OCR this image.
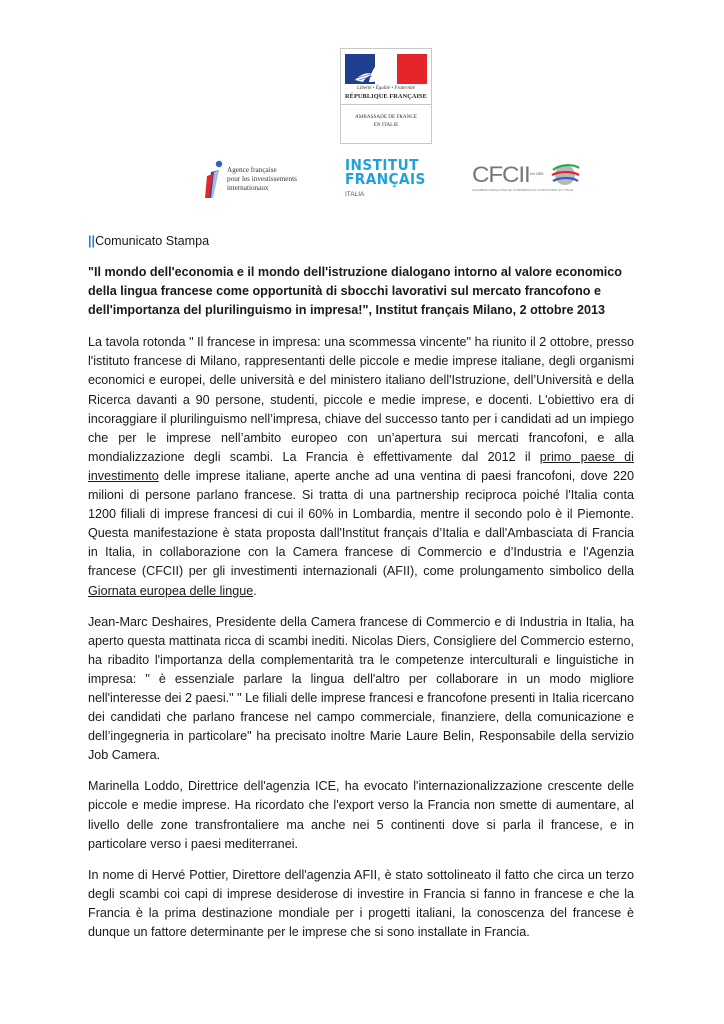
Liberté • Égalité • Fraternité
RÉPUBLIQUE FRANÇAISE
AMBASSADE DE FRANCE
EN ITALIE
Agence française
pour les investissements
internationaux
INSTITUT
FRANÇAIS
ITALIA
CFCII est 1885
CHAMBRE FRANÇAISE DE COMMERCE ET D'INDUSTRIE EN ITALIE
||Comunicato Stampa
"Il mondo dell'economia e il mondo dell'istruzione dialogano intorno al valore economico della lingua francese come opportunità di sbocchi lavorativi sul mercato francofono e dell'importanza del plurilinguismo in impresa!", Institut français Milano, 2 ottobre 2013

La tavola rotonda " Il francese in impresa: una scommessa vincente" ha riunito il 2 ottobre, presso l'istituto francese di Milano, rappresentanti delle piccole e medie imprese italiane, degli organismi economici e europei, delle università e del ministero italiano dell'Istruzione, dell’Università e della Ricerca davanti a 90 persone, studenti, piccole e medie imprese, e docenti. L'obiettivo era di incoraggiare il plurilinguismo nell’impresa, chiave del successo tanto per i candidati ad un impiego che per le imprese nell’ambito europeo con un’apertura sui mercati francofoni, e alla mondializzazione degli scambi. La Francia è effettivamente dal 2012 il primo paese di investimento delle imprese italiane, aperte anche ad una ventina di paesi francofoni, dove 220 milioni di persone parlano francese. Si tratta di una partnership reciproca poiché l'Italia conta 1200 filiali di imprese francesi di cui il 60% in Lombardia, mentre il secondo polo è il Piemonte. Questa manifestazione è stata proposta dall'Institut français d’Italia e dall'Ambasciata di Francia in Italia, in collaborazione con la Camera francese di Commercio e d’Industria e l'Agenzia francese (CFCII) per gli investimenti internazionali (AFII), come prolungamento simbolico della Giornata europea delle lingue.

Jean-Marc Deshaires, Presidente della Camera francese di Commercio e di Industria in Italia, ha aperto questa mattinata ricca di scambi inediti. Nicolas Diers, Consigliere del Commercio esterno, ha ribadito l'importanza della complementarità tra le competenze interculturali e linguistiche in impresa: " è essenziale parlare la lingua dell'altro per collaborare in un modo migliore nell'interesse dei 2 paesi." " Le filiali delle imprese francesi e francofone presenti in Italia ricercano dei candidati che parlano francese nel campo commerciale, finanziere, della comunicazione e dell’ingegneria in particolare" ha precisato inoltre Marie Laure Belin, Responsabile della servizio Job Camera.

Marinella Loddo, Direttrice dell'agenzia ICE, ha evocato l'internazionalizzazione crescente delle piccole e medie imprese. Ha ricordato che l'export verso la Francia non smette di aumentare, al livello delle zone transfrontaliere ma anche nei 5 continenti dove si parla il francese, e in particolare verso i paesi mediterranei.

In nome di Hervé Pottier, Direttore dell'agenzia AFII, è stato sottolineato il fatto che circa un terzo degli scambi coi capi di imprese desiderose di investire in Francia si fanno in francese e che la Francia è la prima destinazione mondiale per i progetti italiani, la conoscenza del francese è dunque un fattore determinante per le imprese che si sono installate in Francia.
